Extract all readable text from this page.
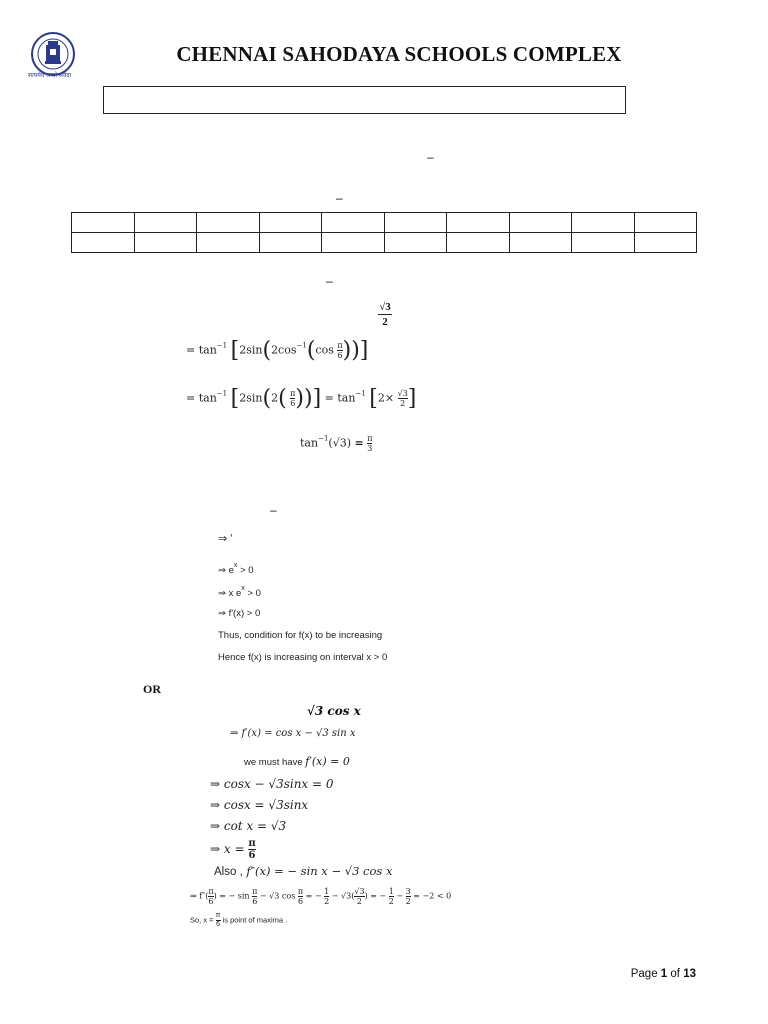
सत्यमेव जयते सर्वदा
CHENNAI SAHODAYA SCHOOLS COMPLEX
–
–

–
√3
2
= $\tan^{-1} [2\sin(2\cos^{-1}(\cos \frac{\pi}{6}$ ))]
= $\tan^{-1} [2\sin(2( \frac{\pi}{6}$ ))] = $\tan^{-1} [2\times \frac{√3}{2}$ ]
$\tan^{-1}(√3) = \frac{\pi}{3}$
–
⇒ ʹ
⇒ $e^x > 0$
⇒ x $e^x > 0$
⇒ f'(x) > 0
Thus, condition for f(x) to be increasing
Hence f(x) is increasing on interval x > 0
OR
√3 cos x
⇒ f′(x) = cos x − √3 sin x
we must have f′(x) = 0
⇒ cosx − √3sinx = 0
⇒ cosx = √3sinx
⇒ cot x = √3
⇒ $x = \frac{\pi}{6}$
Also , f″(x) = − sin x − √3 cos x
⇒ $f''( \frac{\pi}{6}$ ) = − $\sin \frac{\pi}{6} - √3$ $\cos \frac{\pi}{6}$ = − $\frac{1}{2} - √3( \frac{√3}{2}$ ) = − $\frac{1}{2} - \frac{3}{2} = -2 < 0$
So, $x = \frac{\pi}{6}$ is point of maxima .
Page 1 of 13
